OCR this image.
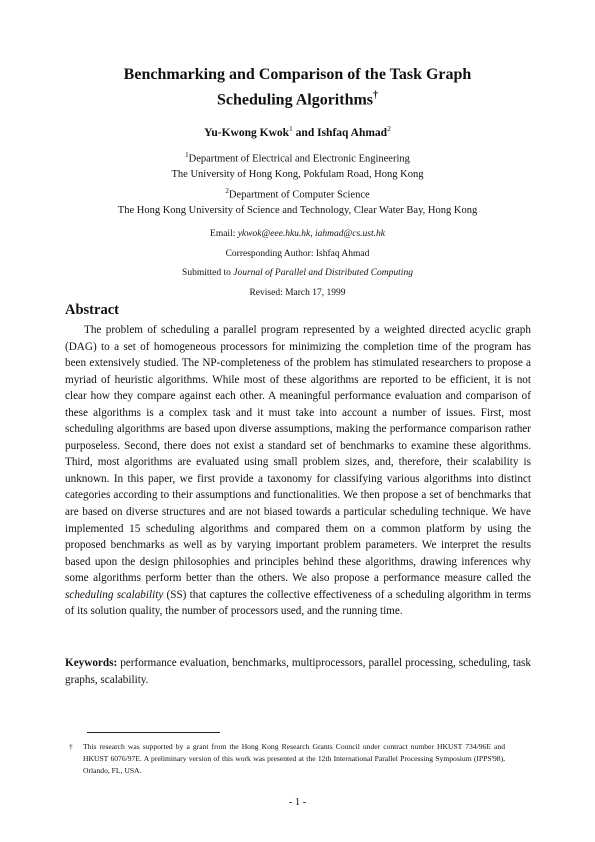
Benchmarking and Comparison of the Task Graph
Scheduling Algorithms†
Yu-Kwong Kwok$^1$ and Ishfaq Ahmad$^2$
$^1$Department of Electrical and Electronic Engineering
The University of Hong Kong, Pokfulam Road, Hong Kong
$^2$Department of Computer Science
The Hong Kong University of Science and Technology, Clear Water Bay, Hong Kong
Email: ykwok@eee.hku.hk, iahmad@cs.ust.hk
Corresponding Author: Ishfaq Ahmad
Submitted to Journal of Parallel and Distributed Computing
Revised: March 17, 1999
Abstract

The problem of scheduling a parallel program represented by a weighted directed acyclic graph (DAG) to a set of homogeneous processors for minimizing the completion time of the program has been extensively studied. The NP-completeness of the problem has stimulated researchers to propose a myriad of heuristic algorithms. While most of these algorithms are reported to be efficient, it is not clear how they compare against each other. A meaningful performance evaluation and comparison of these algorithms is a complex task and it must take into account a number of issues. First, most scheduling algorithms are based upon diverse assumptions, making the performance comparison rather purposeless. Second, there does not exist a standard set of benchmarks to examine these algorithms. Third, most algorithms are evaluated using small problem sizes, and, therefore, their scalability is unknown. In this paper, we first provide a taxonomy for classifying various algorithms into distinct categories according to their assumptions and functionalities. We then propose a set of benchmarks that are based on diverse structures and are not biased towards a particular scheduling technique. We have implemented 15 scheduling algorithms and compared them on a common platform by using the proposed benchmarks as well as by varying important problem parameters. We interpret the results based upon the design philosophies and principles behind these algorithms, drawing inferences why some algorithms perform better than the others. We also propose a performance measure called the scheduling scalability (SS) that captures the collective effectiveness of a scheduling algorithm in terms of its solution quality, the number of processors used, and the running time.

Keywords: performance evaluation, benchmarks, multiprocessors, parallel processing, scheduling, task graphs, scalability.

† This research was supported by a grant from the Hong Kong Research Grants Council under contract number HKUST 734/96E and HKUST 6076/97E. A preliminary version of this work was presented at the 12th International Parallel Processing Symposium (IPPS'98), Orlando, FL, USA.
- 1 -
